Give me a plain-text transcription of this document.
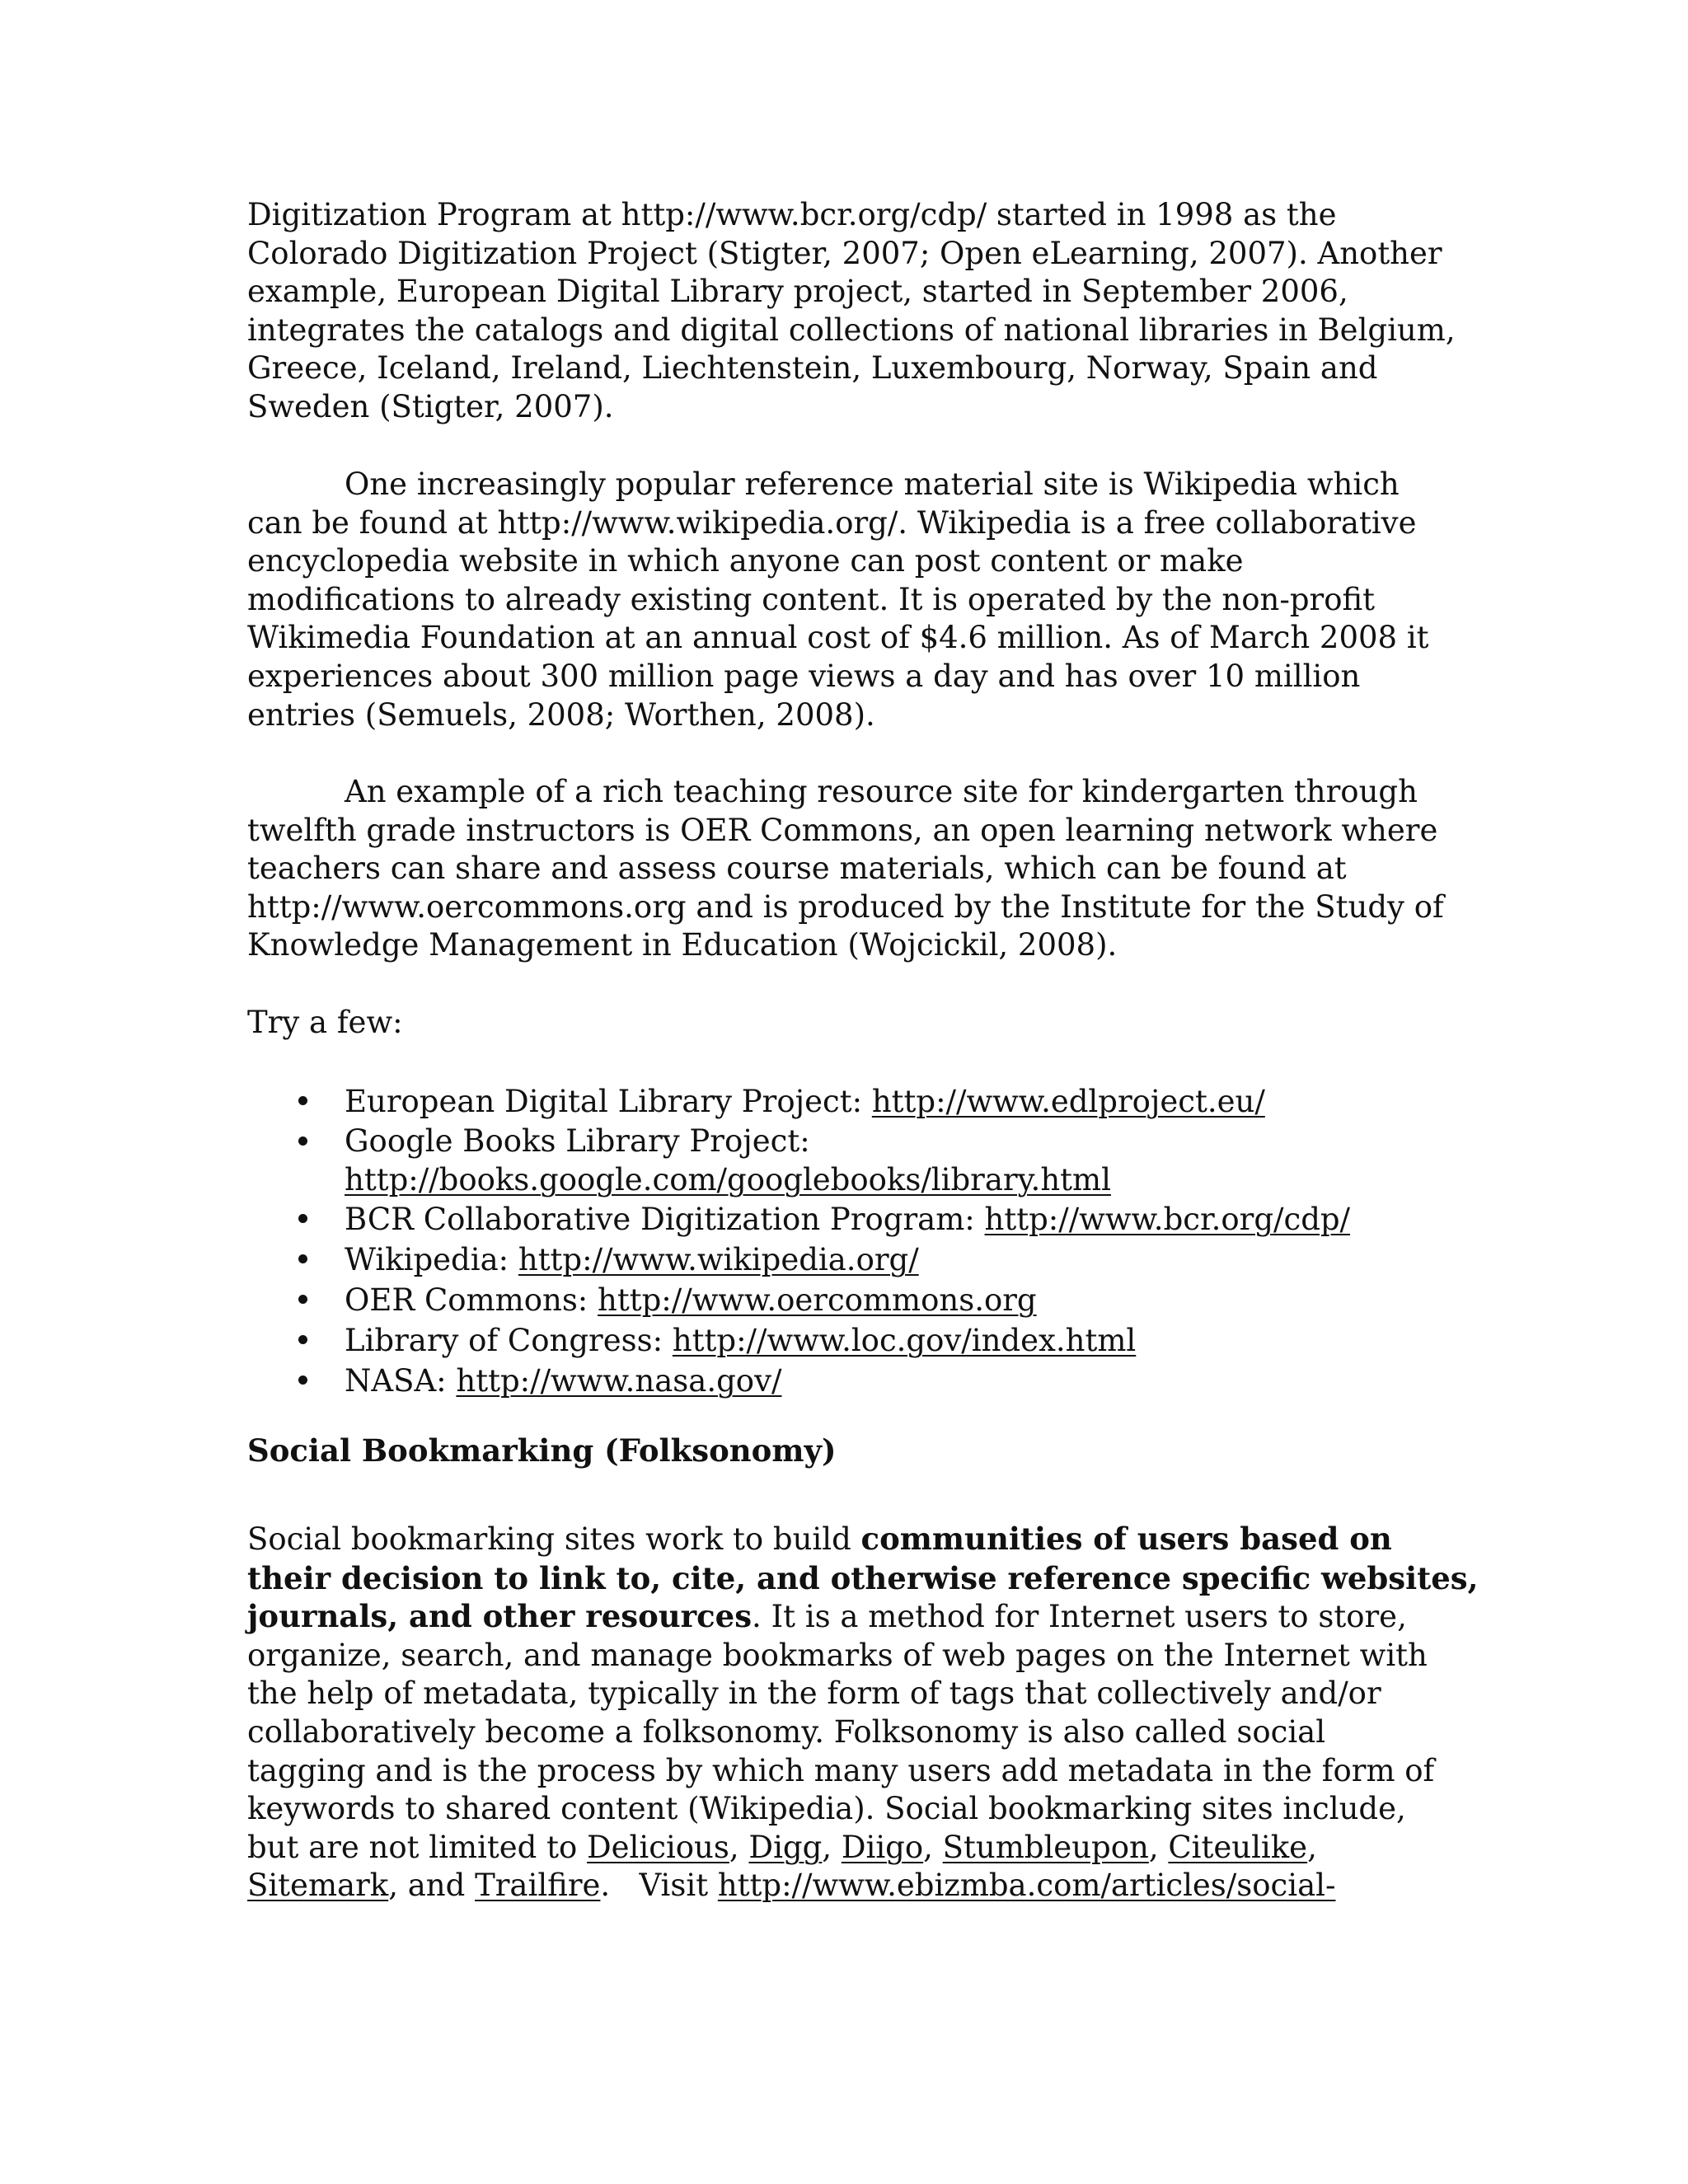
Digitization Program at http://www.bcr.org/cdp/ started in 1998 as the
Colorado Digitization Project (Stigter, 2007; Open eLearning, 2007). Another
example, European Digital Library project, started in September 2006,
integrates the catalogs and digital collections of national libraries in Belgium,
Greece, Iceland, Ireland, Liechtenstein, Luxembourg, Norway, Spain and
Sweden (Stigter, 2007).

One increasingly popular reference material site is Wikipedia which
can be found at http://www.wikipedia.org/. Wikipedia is a free collaborative
encyclopedia website in which anyone can post content or make
modifications to already existing content. It is operated by the non-profit
Wikimedia Foundation at an annual cost of $4.6 million. As of March 2008 it
experiences about 300 million page views a day and has over 10 million
entries (Semuels, 2008; Worthen, 2008).

An example of a rich teaching resource site for kindergarten through
twelfth grade instructors is OER Commons, an open learning network where
teachers can share and assess course materials, which can be found at
http://www.oercommons.org and is produced by the Institute for the Study of
Knowledge Management in Education (Wojcickil, 2008).

Try a few:

European Digital Library Project: http://www.edlproject.eu/
Google Books Library Project:
http://books.google.com/googlebooks/library.html
BCR Collaborative Digitization Program: http://www.bcr.org/cdp/
Wikipedia: http://www.wikipedia.org/
OER Commons: http://www.oercommons.org
Library of Congress: http://www.loc.gov/index.html
NASA: http://www.nasa.gov/
Social Bookmarking (Folksonomy)

Social bookmarking sites work to build communities of users based on
their decision to link to, cite, and otherwise reference specific websites,
journals, and other resources. It is a method for Internet users to store,
organize, search, and manage bookmarks of web pages on the Internet with
the help of metadata, typically in the form of tags that collectively and/or
collaboratively become a folksonomy. Folksonomy is also called social
tagging and is the process by which many users add metadata in the form of
keywords to shared content (Wikipedia). Social bookmarking sites include,
but are not limited to Delicious, Digg, Diigo, Stumbleupon, Citeulike,
Sitemark, and Trailfire.   Visit http://www.ebizmba.com/articles/social-
